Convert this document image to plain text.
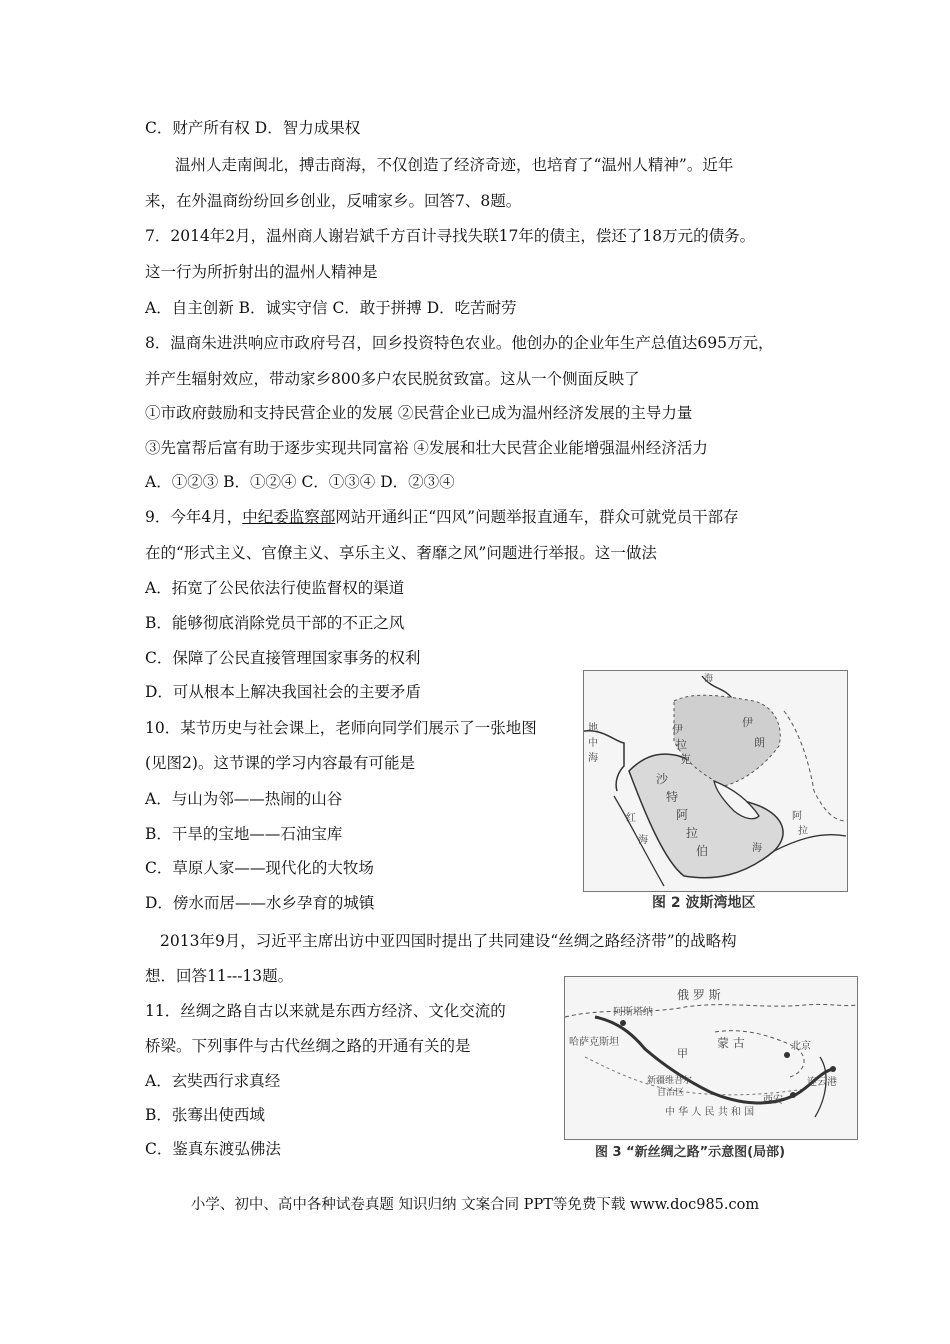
C．财产所有权 D．智力成果权
温州人走南闽北，搏击商海，不仅创造了经济奇迹，也培育了“温州人精神”。近年
来，在外温商纷纷回乡创业，反哺家乡。回答7、8题。
7．2014年2月，温州商人谢岩斌千方百计寻找失联17年的债主，偿还了18万元的债务。
这一行为所折射出的温州人精神是
A．自主创新 B．诚实守信 C．敢于拼搏 D．吃苦耐劳
8．温商朱进洪响应市政府号召，回乡投资特色农业。他创办的企业年生产总值达695万元，
并产生辐射效应，带动家乡800多户农民脱贫致富。这从一个侧面反映了
①市政府鼓励和支持民营企业的发展 ②民营企业已成为温州经济发展的主导力量
③先富帮后富有助于逐步实现共同富裕 ④发展和壮大民营企业能增强温州经济活力
A．①②③ B．①②④ C．①③④ D．②③④
9．今年4月，中纪委监察部网站开通纠正“四风”问题举报直通车，群众可就党员干部存
在的“形式主义、官僚主义、享乐主义、奢靡之风”问题进行举报。这一做法
A．拓宽了公民依法行使监督权的渠道
B．能够彻底消除党员干部的不正之风
C．保障了公民直接管理国家事务的权利
D．可从根本上解决我国社会的主要矛盾
10．某节历史与社会课上，老师向同学们展示了一张地图
(见图2)。这节课的学习内容最有可能是
A．与山为邻——热闹的山谷
B．干旱的宝地——石油宝库
C．草原人家——现代化的大牧场
D．傍水而居——水乡孕育的城镇
地
中
海
伊
拉
克
伊
朗
沙
特
阿
拉
伯
红
海
阿
拉
海
海
图 2 波斯湾地区
2013年9月，习近平主席出访中亚四国时提出了共同建设“丝绸之路经济带”的战略构
想．回答11---13题。
11．丝绸之路自古以来就是东西方经济、文化交流的
桥梁。下列事件与古代丝绸之路的开通有关的是
A．玄奘西行求真经
B．张骞出使西域
C．鉴真东渡弘佛法
俄 罗 斯
阿斯塔纳
哈萨克斯坦
甲
蒙 古	北京
新疆维吾尔
自治区
西安
连云港
中 华 人 民 共 和 国
图 3 “新丝绸之路”示意图(局部)
小学、初中、高中各种试卷真题 知识归纳 文案合同 PPT等免费下载 www.doc985.com
